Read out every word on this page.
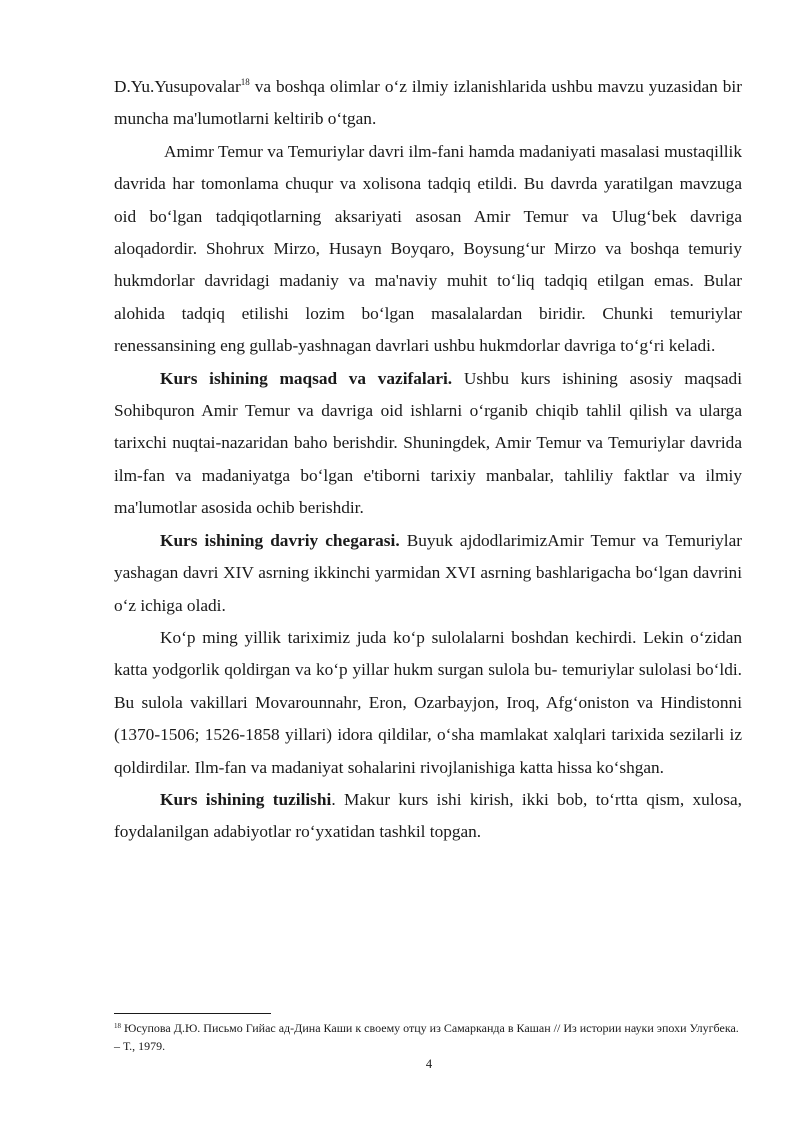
D.Yu.Yusupovalar$^{18}$ va boshqa olimlar o‘z ilmiy izlanishlarida ushbu mavzu yuzasidan bir muncha ma'lumotlarni keltirib o‘tgan.

Amimr Temur va Temuriylar davri ilm-fani hamda madaniyati masalasi mustaqillik davrida har tomonlama chuqur va xolisona tadqiq etildi. Bu davrda yaratilgan mavzuga oid bo‘lgan tadqiqotlarning aksariyati asosan Amir Temur va Ulug‘bek davriga aloqadordir. Shohrux Mirzo, Husayn Boyqaro, Boysung‘ur Mirzo va boshqa temuriy hukmdorlar davridagi madaniy va ma'naviy muhit to‘liq tadqiq etilgan emas. Bular alohida tadqiq etilishi lozim bo‘lgan masalalardan biridir. Chunki temuriylar renessansining eng gullab-yashnagan davrlari ushbu hukmdorlar davriga to‘g‘ri keladi.

Kurs ishining maqsad va vazifalari. Ushbu kurs ishining asosiy maqsadi Sohibquron Amir Temur va davriga oid ishlarni o‘rganib chiqib tahlil qilish va ularga tarixchi nuqtai-nazaridan baho berishdir. Shuningdek, Amir Temur va Temuriylar davrida ilm-fan va madaniyatga bo‘lgan e'tiborni tarixiy manbalar, tahliliy faktlar va ilmiy ma'lumotlar asosida ochib berishdir.

Kurs ishining davriy chegarasi. Buyuk ajdodlarimizAmir Temur va Temuriylar yashagan davri XIV asrning ikkinchi yarmidan XVI asrning bashlarigacha bo‘lgan davrini o‘z ichiga oladi.

Ko‘p ming yillik tariximiz juda ko‘p sulolalarni boshdan kechirdi. Lekin o‘zidan katta yodgorlik qoldirgan va ko‘p yillar hukm surgan sulola bu- temuriylar sulolasi bo‘ldi. Bu sulola vakillari Movarounnahr, Eron, Ozarbayjon, Iroq, Afg‘oniston va Hindistonni (1370-1506; 1526-1858 yillari) idora qildilar, o‘sha mamlakat xalqlari tarixida sezilarli iz qoldirdilar. Ilm-fan va madaniyat sohalarini rivojlanishiga katta hissa ko‘shgan.

Kurs ishining tuzilishi. Makur kurs ishi kirish, ikki bob, to‘rtta qism, xulosa, foydalanilgan adabiyotlar ro‘yxatidan tashkil topgan.

$^{18}$ Юсупова Д.Ю. Письмо Гийас ад-Дина Каши к своему отцу из Самарканда в Кашан // Из истории науки эпохи Улугбека. – Т., 1979.
4
